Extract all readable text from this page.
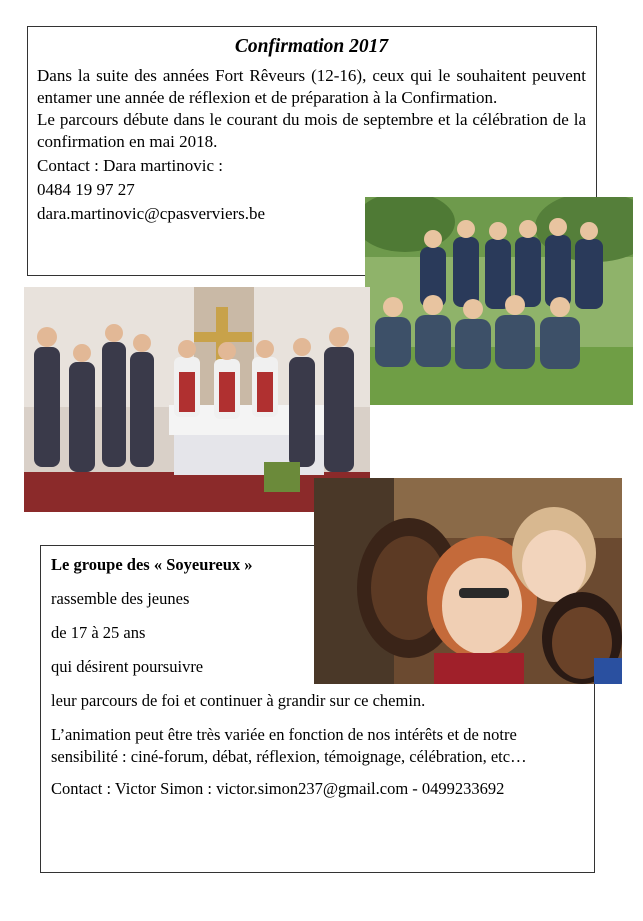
Confirmation 2017
Dans la suite des années Fort Rêveurs (12-16), ceux qui le souhaitent peuvent entamer une année de réflexion et de préparation à la Confirmation.
Le parcours débute dans le courant du mois de septembre et la célébration de la confirmation en mai 2018.
Contact : Dara martinovic :
0484 19 97 27
dara.martinovic@cpasverviers.be

Le groupe des « Soyeureux »

rassemble des jeunes

de 17 à 25 ans

qui désirent poursuivre

leur parcours de foi et continuer à grandir sur ce chemin.

L’animation peut être très variée en fonction de nos intérêts et de notre sensibilité : ciné-forum, débat, réflexion, témoignage, célébration, etc…

Contact : Victor Simon : victor.simon237@gmail.com - 0499233692
